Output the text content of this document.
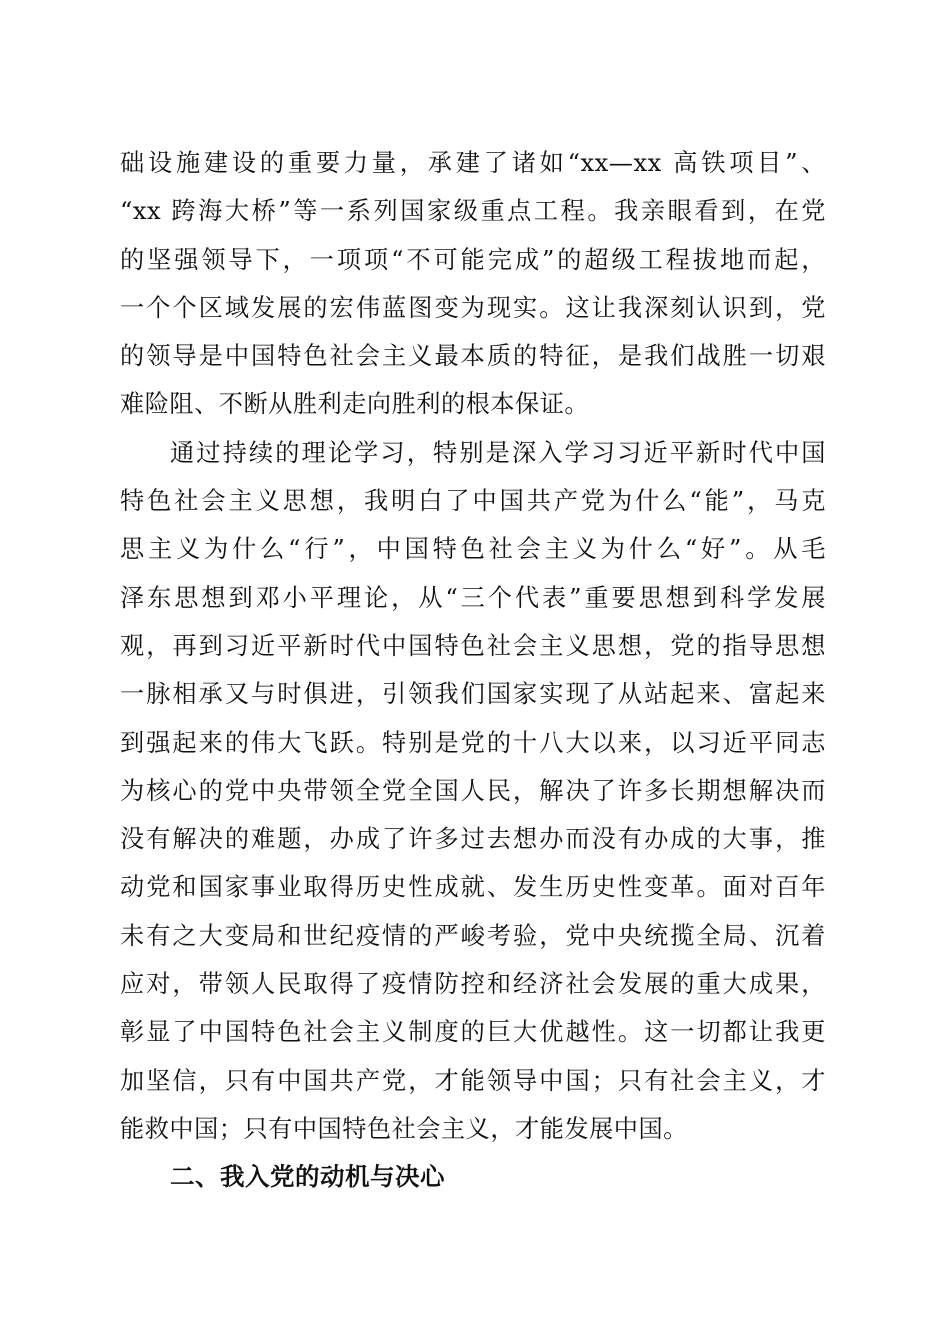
础设施建设的重要力量，承建了诸如“xx—xx 高铁项目”、
“xx 跨海大桥”等一系列国家级重点工程。我亲眼看到，在党
的坚强领导下，一项项“不可能完成”的超级工程拔地而起，
一个个区域发展的宏伟蓝图变为现实。这让我深刻认识到，党
的领导是中国特色社会主义最本质的特征，是我们战胜一切艰
难险阻、不断从胜利走向胜利的根本保证。
通过持续的理论学习，特别是深入学习习近平新时代中国
特色社会主义思想，我明白了中国共产党为什么“能”，马克
思主义为什么“行”，中国特色社会主义为什么“好”。从毛
泽东思想到邓小平理论，从“三个代表”重要思想到科学发展
观，再到习近平新时代中国特色社会主义思想，党的指导思想
一脉相承又与时俱进，引领我们国家实现了从站起来、富起来
到强起来的伟大飞跃。特别是党的十八大以来，以习近平同志
为核心的党中央带领全党全国人民，解决了许多长期想解决而
没有解决的难题，办成了许多过去想办而没有办成的大事，推
动党和国家事业取得历史性成就、发生历史性变革。面对百年
未有之大变局和世纪疫情的严峻考验，党中央统揽全局、沉着
应对，带领人民取得了疫情防控和经济社会发展的重大成果，
彰显了中国特色社会主义制度的巨大优越性。这一切都让我更
加坚信，只有中国共产党，才能领导中国；只有社会主义，才
能救中国；只有中国特色社会主义，才能发展中国。
二、我入党的动机与决心
